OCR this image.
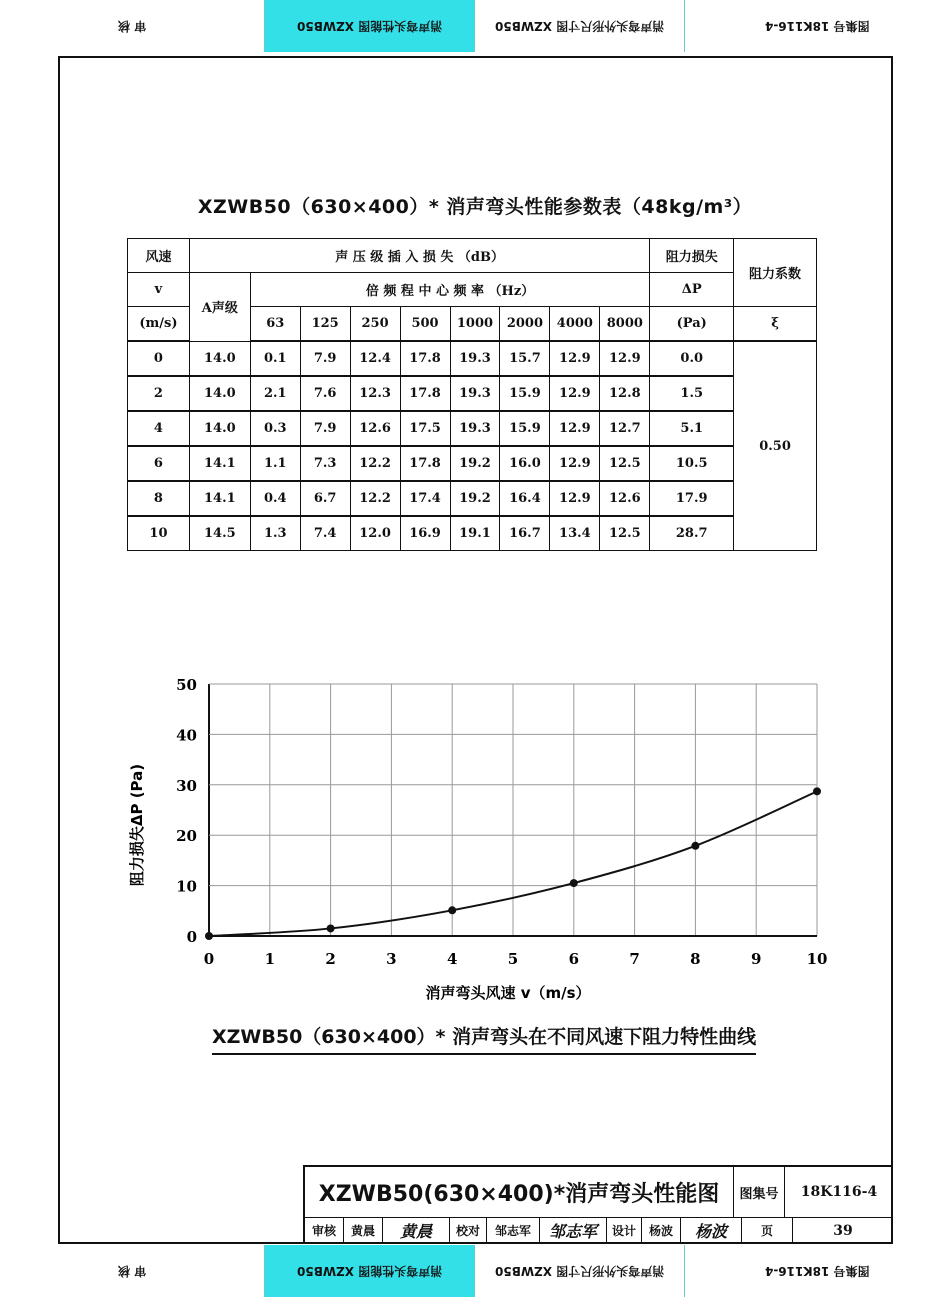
审 核	消声弯头性能图 XZWB50	消声弯头外形尺寸图 XZWB50	图集号 18K116-4
XZWB50（630×400）* 消声弯头性能参数表（48kg/m³）
风速	声 压 级 插 入 损 失 （dB）									阻力损失	阻力系数
v	A声级	倍 频 程 中 心 频 率 （Hz）								ΔP	
(m/s)		63	125	250	500	1000	2000	4000	8000	(Pa)	ξ
0	14.0	0.1	7.9	12.4	17.8	19.3	15.7	12.9	12.9	0.0	0.50
2	14.0	2.1	7.6	12.3	17.8	19.3	15.9	12.9	12.8	1.5	
4	14.0	0.3	7.9	12.6	17.5	19.3	15.9	12.9	12.7	5.1	
6	14.1	1.1	7.3	12.2	17.8	19.2	16.0	12.9	12.5	10.5	
8	14.1	0.4	6.7	12.2	17.4	19.2	16.4	12.9	12.6	17.9	
10	14.5	1.3	7.4	12.0	16.9	19.1	16.7	13.4	12.5	28.7	
0	1	2	3	4	5	6	7	8	9	10
0
10
20
30
40
50
消声弯头风速 v（m/s）
阻力损失ΔP (Pa)
XZWB50（630×400）* 消声弯头在不同风速下阻力特性曲线
XZWB50(630×400)*消声弯头性能图	图集号	18K116-4
审核	黄晨	黄晨	校对	邹志军	邹志军	设计	杨波	杨波	页	39
审 核	消声弯头性能图 XZWB50	消声弯头外形尺寸图 XZWB50	图集号 18K116-4
